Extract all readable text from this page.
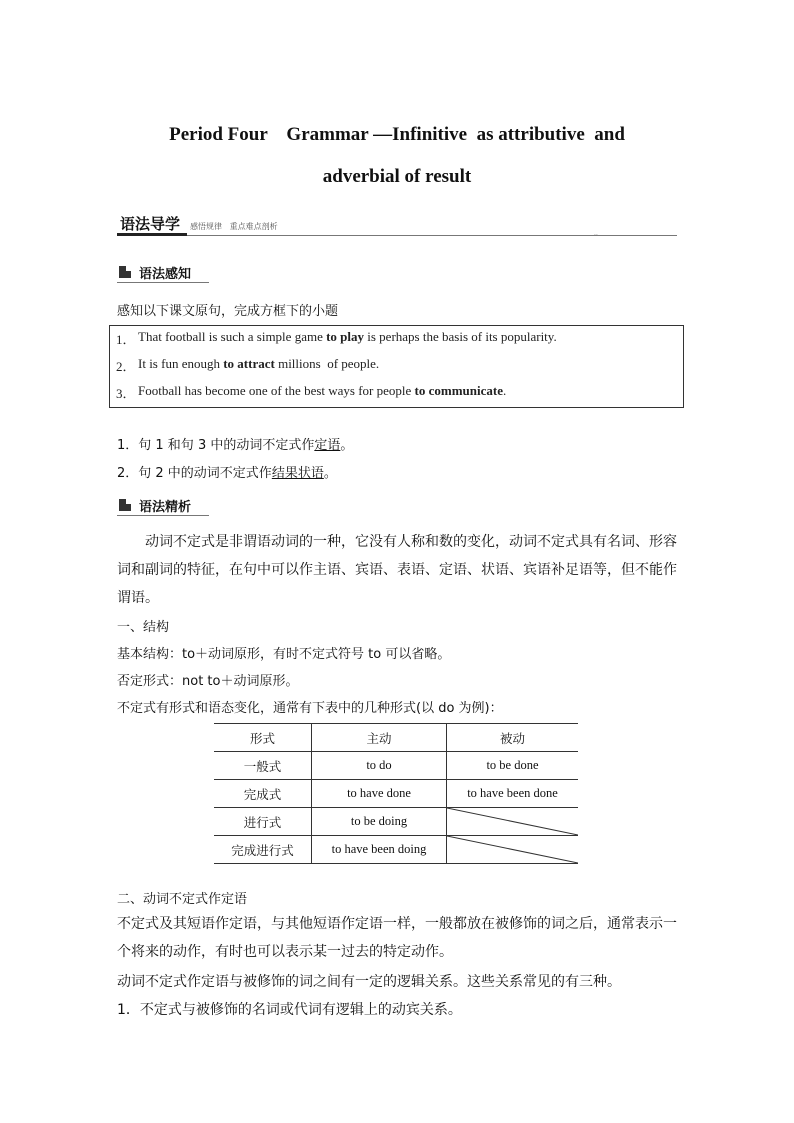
Period Four    Grammar —Infinitive  as attributive  and
adverbial of result
语法导学 感悟规律   重点难点剖析
⌄
语法感知
感知以下课文原句，完成方框下的小题
1． That football is such a simple game to play is perhaps the basis of its popularity.
2． It is fun enough to attract millions  of people.
3． Football has become one of the best ways for people to communicate.
1．句 1 和句 3 中的动词不定式作定语。
2．句 2 中的动词不定式作结果状语。
语法精析
动词不定式是非谓语动词的一种，它没有人称和数的变化，动词不定式具有名词、形容词和副词的特征，在句中可以作主语、宾语、表语、定语、状语、宾语补足语等，但不能作谓语。
一、结构
基本结构：to＋动词原形，有时不定式符号 to 可以省略。
否定形式：not to＋动词原形。
不定式有形式和语态变化，通常有下表中的几种形式(以 do 为例)：
形式	主动	被动
一般式	to do	to be done
完成式	to have done	to have been done
进行式	to be doing	

完成进行式	to have been doing	
二、动词不定式作定语
不定式及其短语作定语，与其他短语作定语一样，一般都放在被修饰的词之后，通常表示一个将来的动作，有时也可以表示某一过去的特定动作。
动词不定式作定语与被修饰的词之间有一定的逻辑关系。这些关系常见的有三种。
1．不定式与被修饰的名词或代词有逻辑上的动宾关系。
